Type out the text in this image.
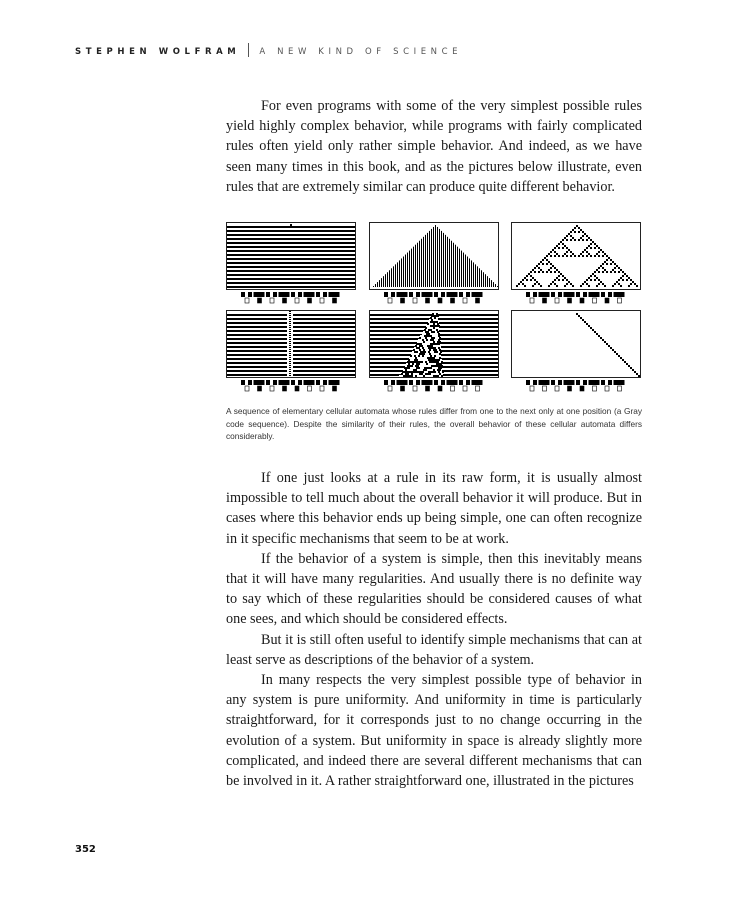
STEPHEN WOLFRAM A NEW KIND OF SCIENCE

For even programs with some of the very simplest possible rules yield highly complex behavior, while programs with fairly complicated rules often yield only rather simple behavior. And indeed, as we have seen many times in this book, and as the pictures below illustrate, even rules that are extremely similar can produce quite different behavior.

A sequence of elementary cellular automata whose rules differ from one to the next only at one position (a Gray code sequence). Despite the similarity of their rules, the overall behavior of these cellular automata differs considerably.

If one just looks at a rule in its raw form, it is usually almost impossible to tell much about the overall behavior it will produce. But in cases where this behavior ends up being simple, one can often recognize in it specific mechanisms that seem to be at work.

If the behavior of a system is simple, then this inevitably means that it will have many regularities. And usually there is no definite way to say which of these regularities should be considered causes of what one sees, and which should be considered effects.

But it is still often useful to identify simple mechanisms that can at least serve as descriptions of the behavior of a system.

In many respects the very simplest possible type of behavior in any system is pure uniformity. And uniformity in time is particularly straightforward, for it corresponds just to no change occurring in the evolution of a system. But uniformity in space is already slightly more complicated, and indeed there are several different mechanisms that can be involved in it. A rather straightforward one, illustrated in the pictures

352
